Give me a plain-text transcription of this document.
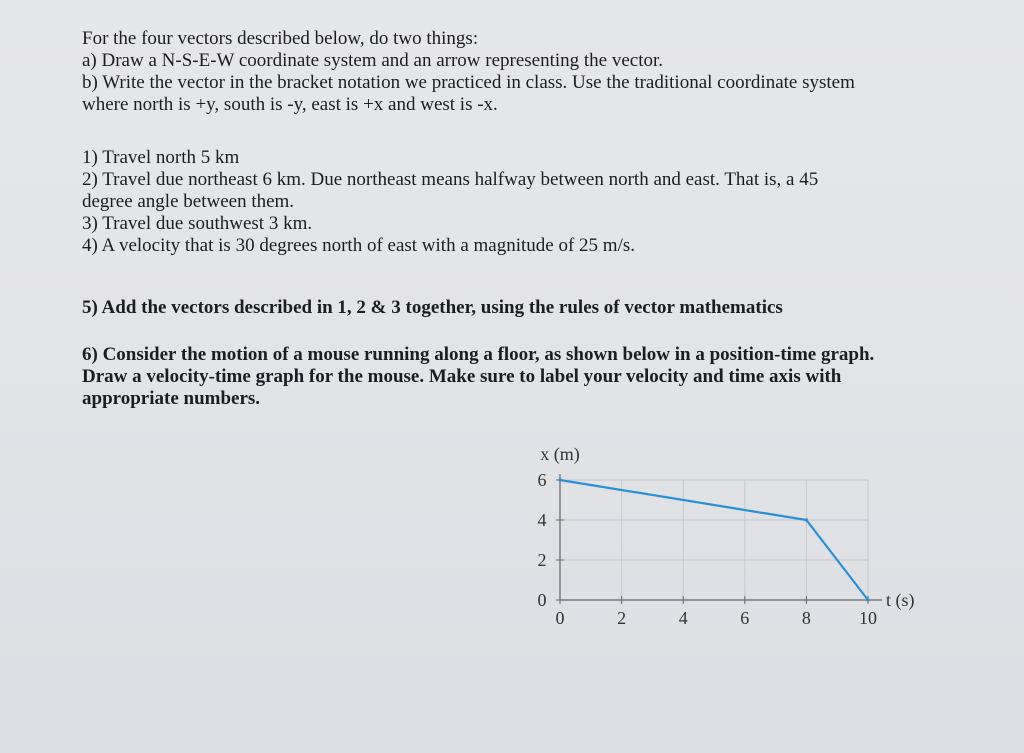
For the four vectors described below, do two things:
a) Draw a N-S-E-W coordinate system and an arrow representing the vector.
b) Write the vector in the bracket notation we practiced in class. Use the traditional coordinate system
where north is +y, south is -y, east is +x and west is -x.
1) Travel north 5 km
2) Travel due northeast 6 km. Due northeast means halfway between north and east. That is, a 45
degree angle between them.
3) Travel due southwest 3 km.
4) A velocity that is 30 degrees north of east with a magnitude of 25 m/s.
5) Add the vectors described in 1, 2 & 3 together, using the rules of vector mathematics
6) Consider the motion of a mouse running along a floor, as shown below in a position-time graph.
Draw a velocity-time graph for the mouse. Make sure to label your velocity and time axis with
appropriate numbers.
0	2	4	6	8	10
0
2
4
6
x (m)
t (s)
